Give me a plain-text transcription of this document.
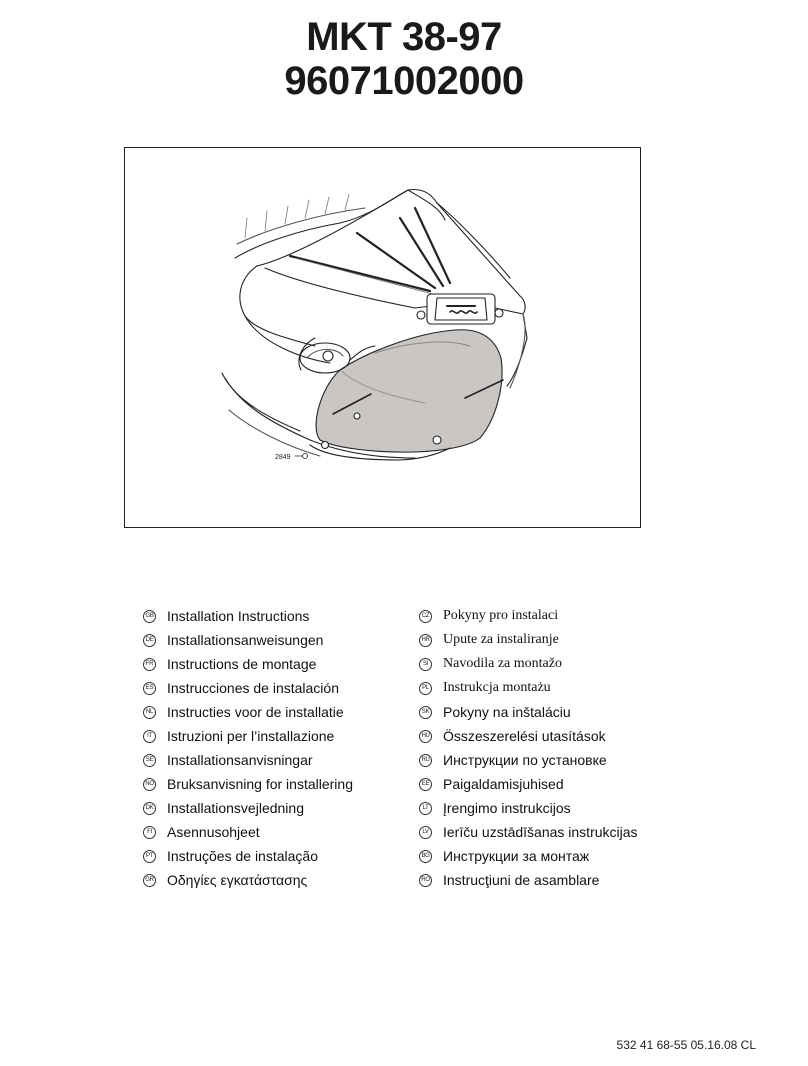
MKT 38-97
96071002000
2849
GB Installation Instructions
DE Installationsanweisungen
FR Instructions de montage
ES Instrucciones de instalación
NL Instructies voor de installatie
IT Istruzioni per l’installazione
SE Installationsanvisningar
NO Bruksanvisning for installering
DK Installationsvejledning
FI Asennusohjeet
PT Instruções de instalação
GR Οδηγίες εγκατάστασης
CZ Pokyny pro instalaci
HR Upute za instaliranje
SI Navodila za montažo
PL Instrukcja montażu
SK Pokyny na inštaláciu
HU Összeszerelési utasítások
RU Инструкции по установке
EE Paigaldamisjuhised
LT Įrengimo instrukcijos
LV Ierīču uzstādīšanas instrukcijas
BG Инструкции за монтаж
RO Instrucţiuni de asamblare
532 41 68-55 05.16.08 CL
